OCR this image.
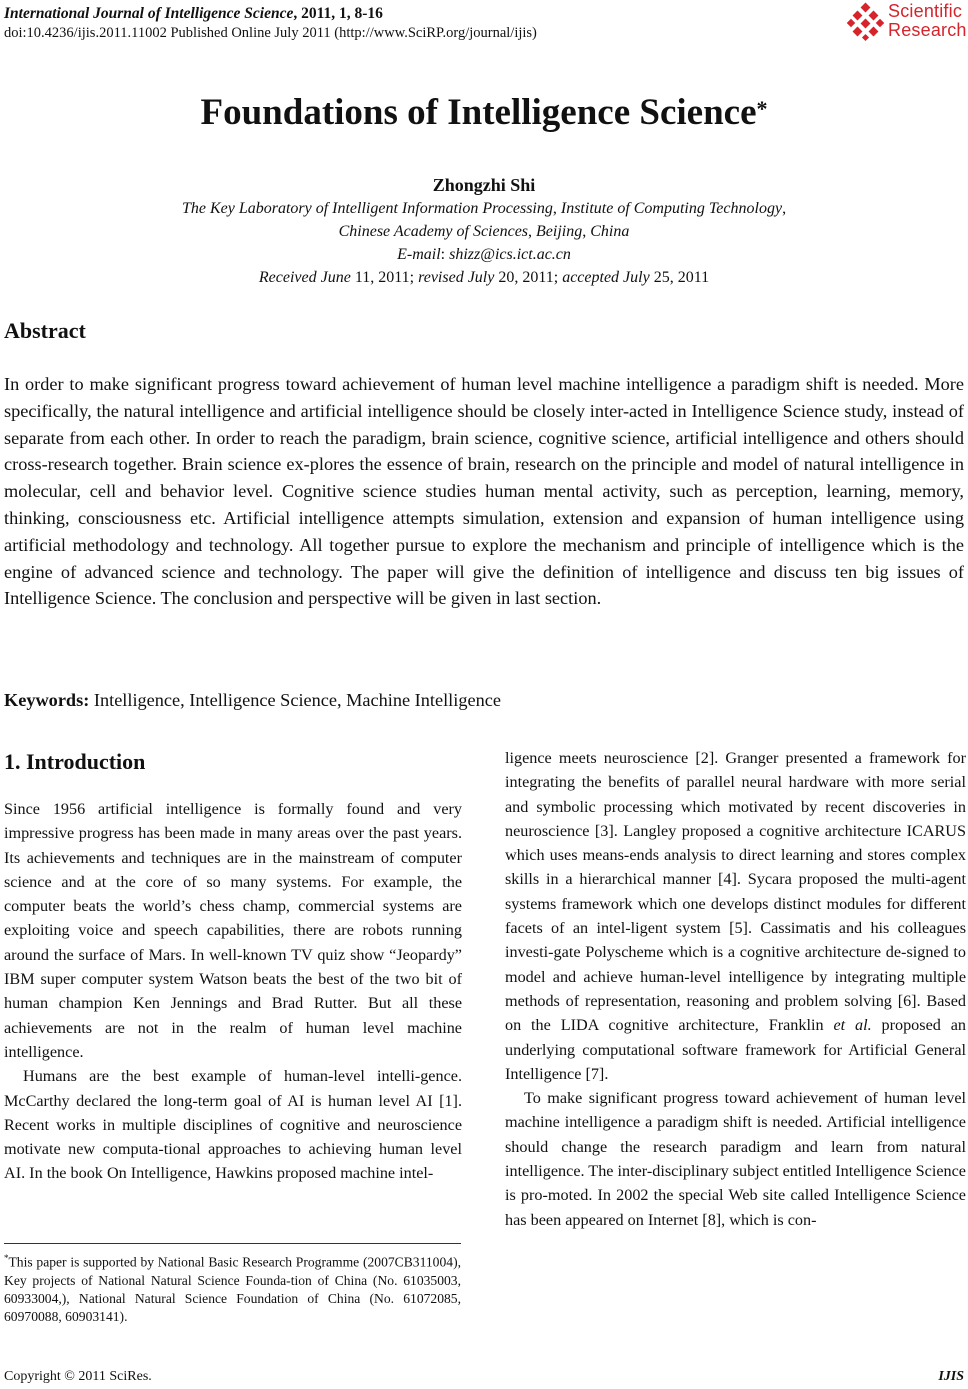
International Journal of Intelligence Science, 2011, 1, 8-16
doi:10.4236/ijis.2011.11002 Published Online July 2011 (http://www.SciRP.org/journal/ijis)
Scientific
Research
Foundations of Intelligence Science*
Zhongzhi Shi
The Key Laboratory of Intelligent Information Processing, Institute of Computing Technology,
Chinese Academy of Sciences, Beijing, China
E-mail: shizz@ics.ict.ac.cn
Received June 11, 2011; revised July 20, 2011; accepted July 25, 2011
Abstract
In order to make significant progress toward achievement of human level machine intelligence a paradigm shift is needed. More specifically, the natural intelligence and artificial intelligence should be closely inter-acted in Intelligence Science study, instead of separate from each other. In order to reach the paradigm, brain science, cognitive science, artificial intelligence and others should cross-research together. Brain science ex-plores the essence of brain, research on the principle and model of natural intelligence in molecular, cell and behavior level. Cognitive science studies human mental activity, such as perception, learning, memory, thinking, consciousness etc. Artificial intelligence attempts simulation, extension and expansion of human intelligence using artificial methodology and technology. All together pursue to explore the mechanism and principle of intelligence which is the engine of advanced science and technology. The paper will give the definition of intelligence and discuss ten big issues of Intelligence Science. The conclusion and perspective will be given in last section.
Keywords: Intelligence, Intelligence Science, Machine Intelligence
1. Introduction

Since 1956 artificial intelligence is formally found and very impressive progress has been made in many areas over the past years. Its achievements and techniques are in the mainstream of computer science and at the core of so many systems. For example, the computer beats the world’s chess champ, commercial systems are exploiting voice and speech capabilities, there are robots running around the surface of Mars. In well-known TV quiz show “Jeopardy” IBM super computer system Watson beats the best of the two bit of human champion Ken Jennings and Brad Rutter. But all these achievements are not in the realm of human level machine intelligence.

Humans are the best example of human-level intelli-gence. McCarthy declared the long-term goal of AI is human level AI [1]. Recent works in multiple disciplines of cognitive and neuroscience motivate new computa-tional approaches to achieving human level AI. In the book On Intelligence, Hawkins proposed machine intel-

ligence meets neuroscience [2]. Granger presented a framework for integrating the benefits of parallel neural hardware with more serial and symbolic processing which motivated by recent discoveries in neuroscience [3]. Langley proposed a cognitive architecture ICARUS which uses means-ends analysis to direct learning and stores complex skills in a hierarchical manner [4]. Sycara proposed the multi-agent systems framework which one develops distinct modules for different facets of an intel-ligent system [5]. Cassimatis and his colleagues investi-gate Polyscheme which is a cognitive architecture de-signed to model and achieve human-level intelligence by integrating multiple methods of representation, reasoning and problem solving [6]. Based on the LIDA cognitive architecture, Franklin et al. proposed an underlying computational software framework for Artificial General Intelligence [7].

To make significant progress toward achievement of human level machine intelligence a paradigm shift is needed. Artificial intelligence should change the research paradigm and learn from natural intelligence. The inter-disciplinary subject entitled Intelligence Science is pro-moted. In 2002 the special Web site called Intelligence Science has been appeared on Internet [8], which is con-

*This paper is supported by National Basic Research Programme (2007CB311004), Key projects of National Natural Science Founda-tion of China (No. 61035003, 60933004,), National Natural Science Foundation of China (No. 61072085, 60970088, 60903141).
Copyright © 2011 SciRes.	IJIS
